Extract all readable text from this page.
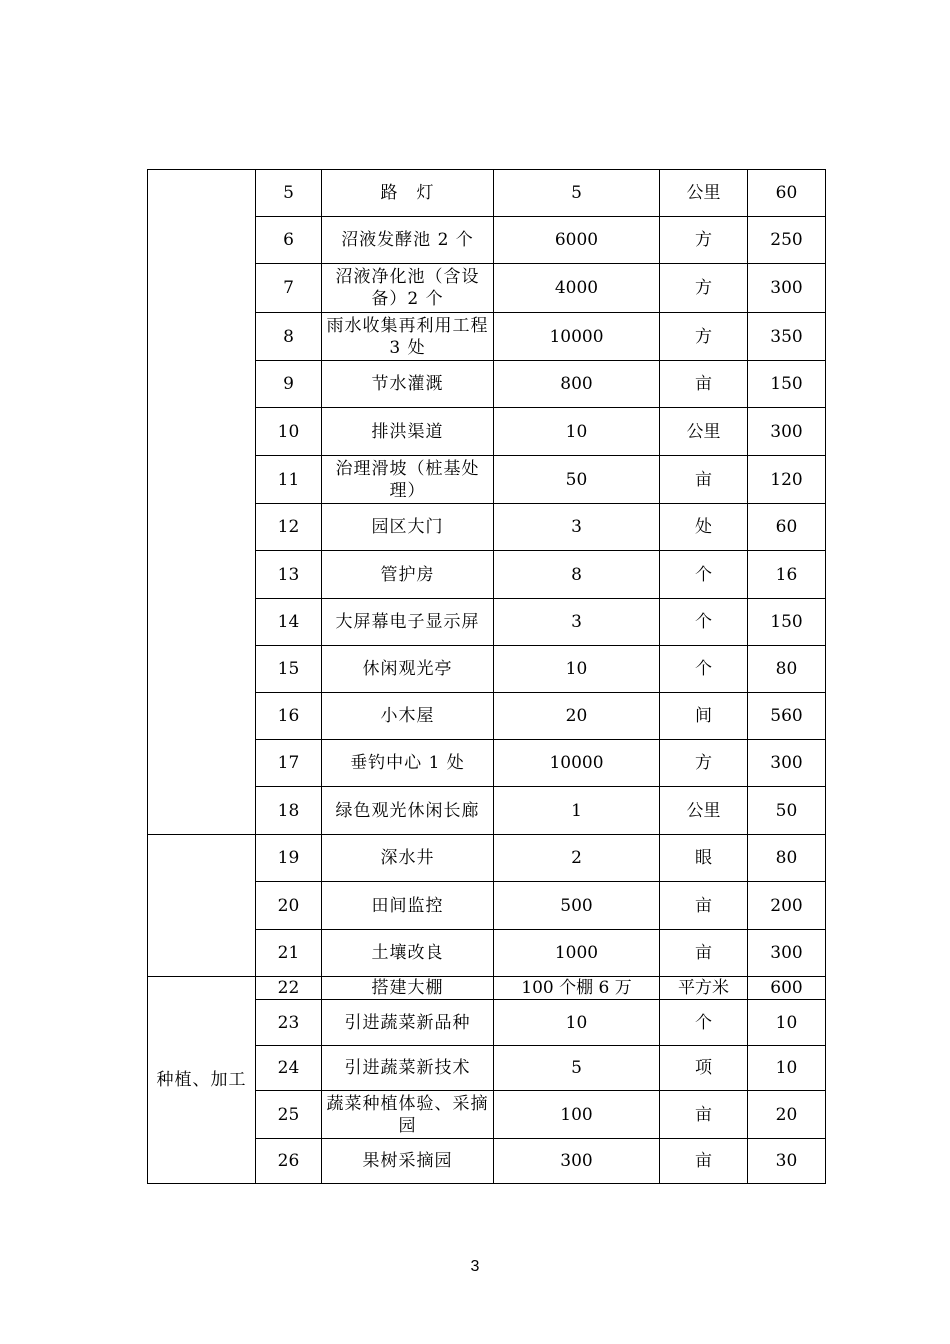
	5	路　灯	5	公里	60
	6	沼液发酵池 2 个	6000	方	250
	7	沼液净化池（含设备）2 个	4000	方	300
	8	雨水收集再利用工程 3 处	10000	方	350
	9	节水灌溉	800	亩	150
	10	排洪渠道	10	公里	300
	11	治理滑坡（桩基处理）	50	亩	120
	12	园区大门	3	处	60
	13	管护房	8	个	16
	14	大屏幕电子显示屏	3	个	150
	15	休闲观光亭	10	个	80
	16	小木屋	20	间	560
	17	垂钓中心 1 处	10000	方	300
	18	绿色观光休闲长廊	1	公里	50
	19	深水井	2	眼	80
	20	田间监控	500	亩	200
	21	土壤改良	1000	亩	300
种植、加工	22	搭建大棚	100 个棚 6 万	平方米	600
	23	引进蔬菜新品种	10	个	10
	24	引进蔬菜新技术	5	项	10
	25	蔬菜种植体验、采摘园	100	亩	20
	26	果树采摘园	300	亩	30
3
